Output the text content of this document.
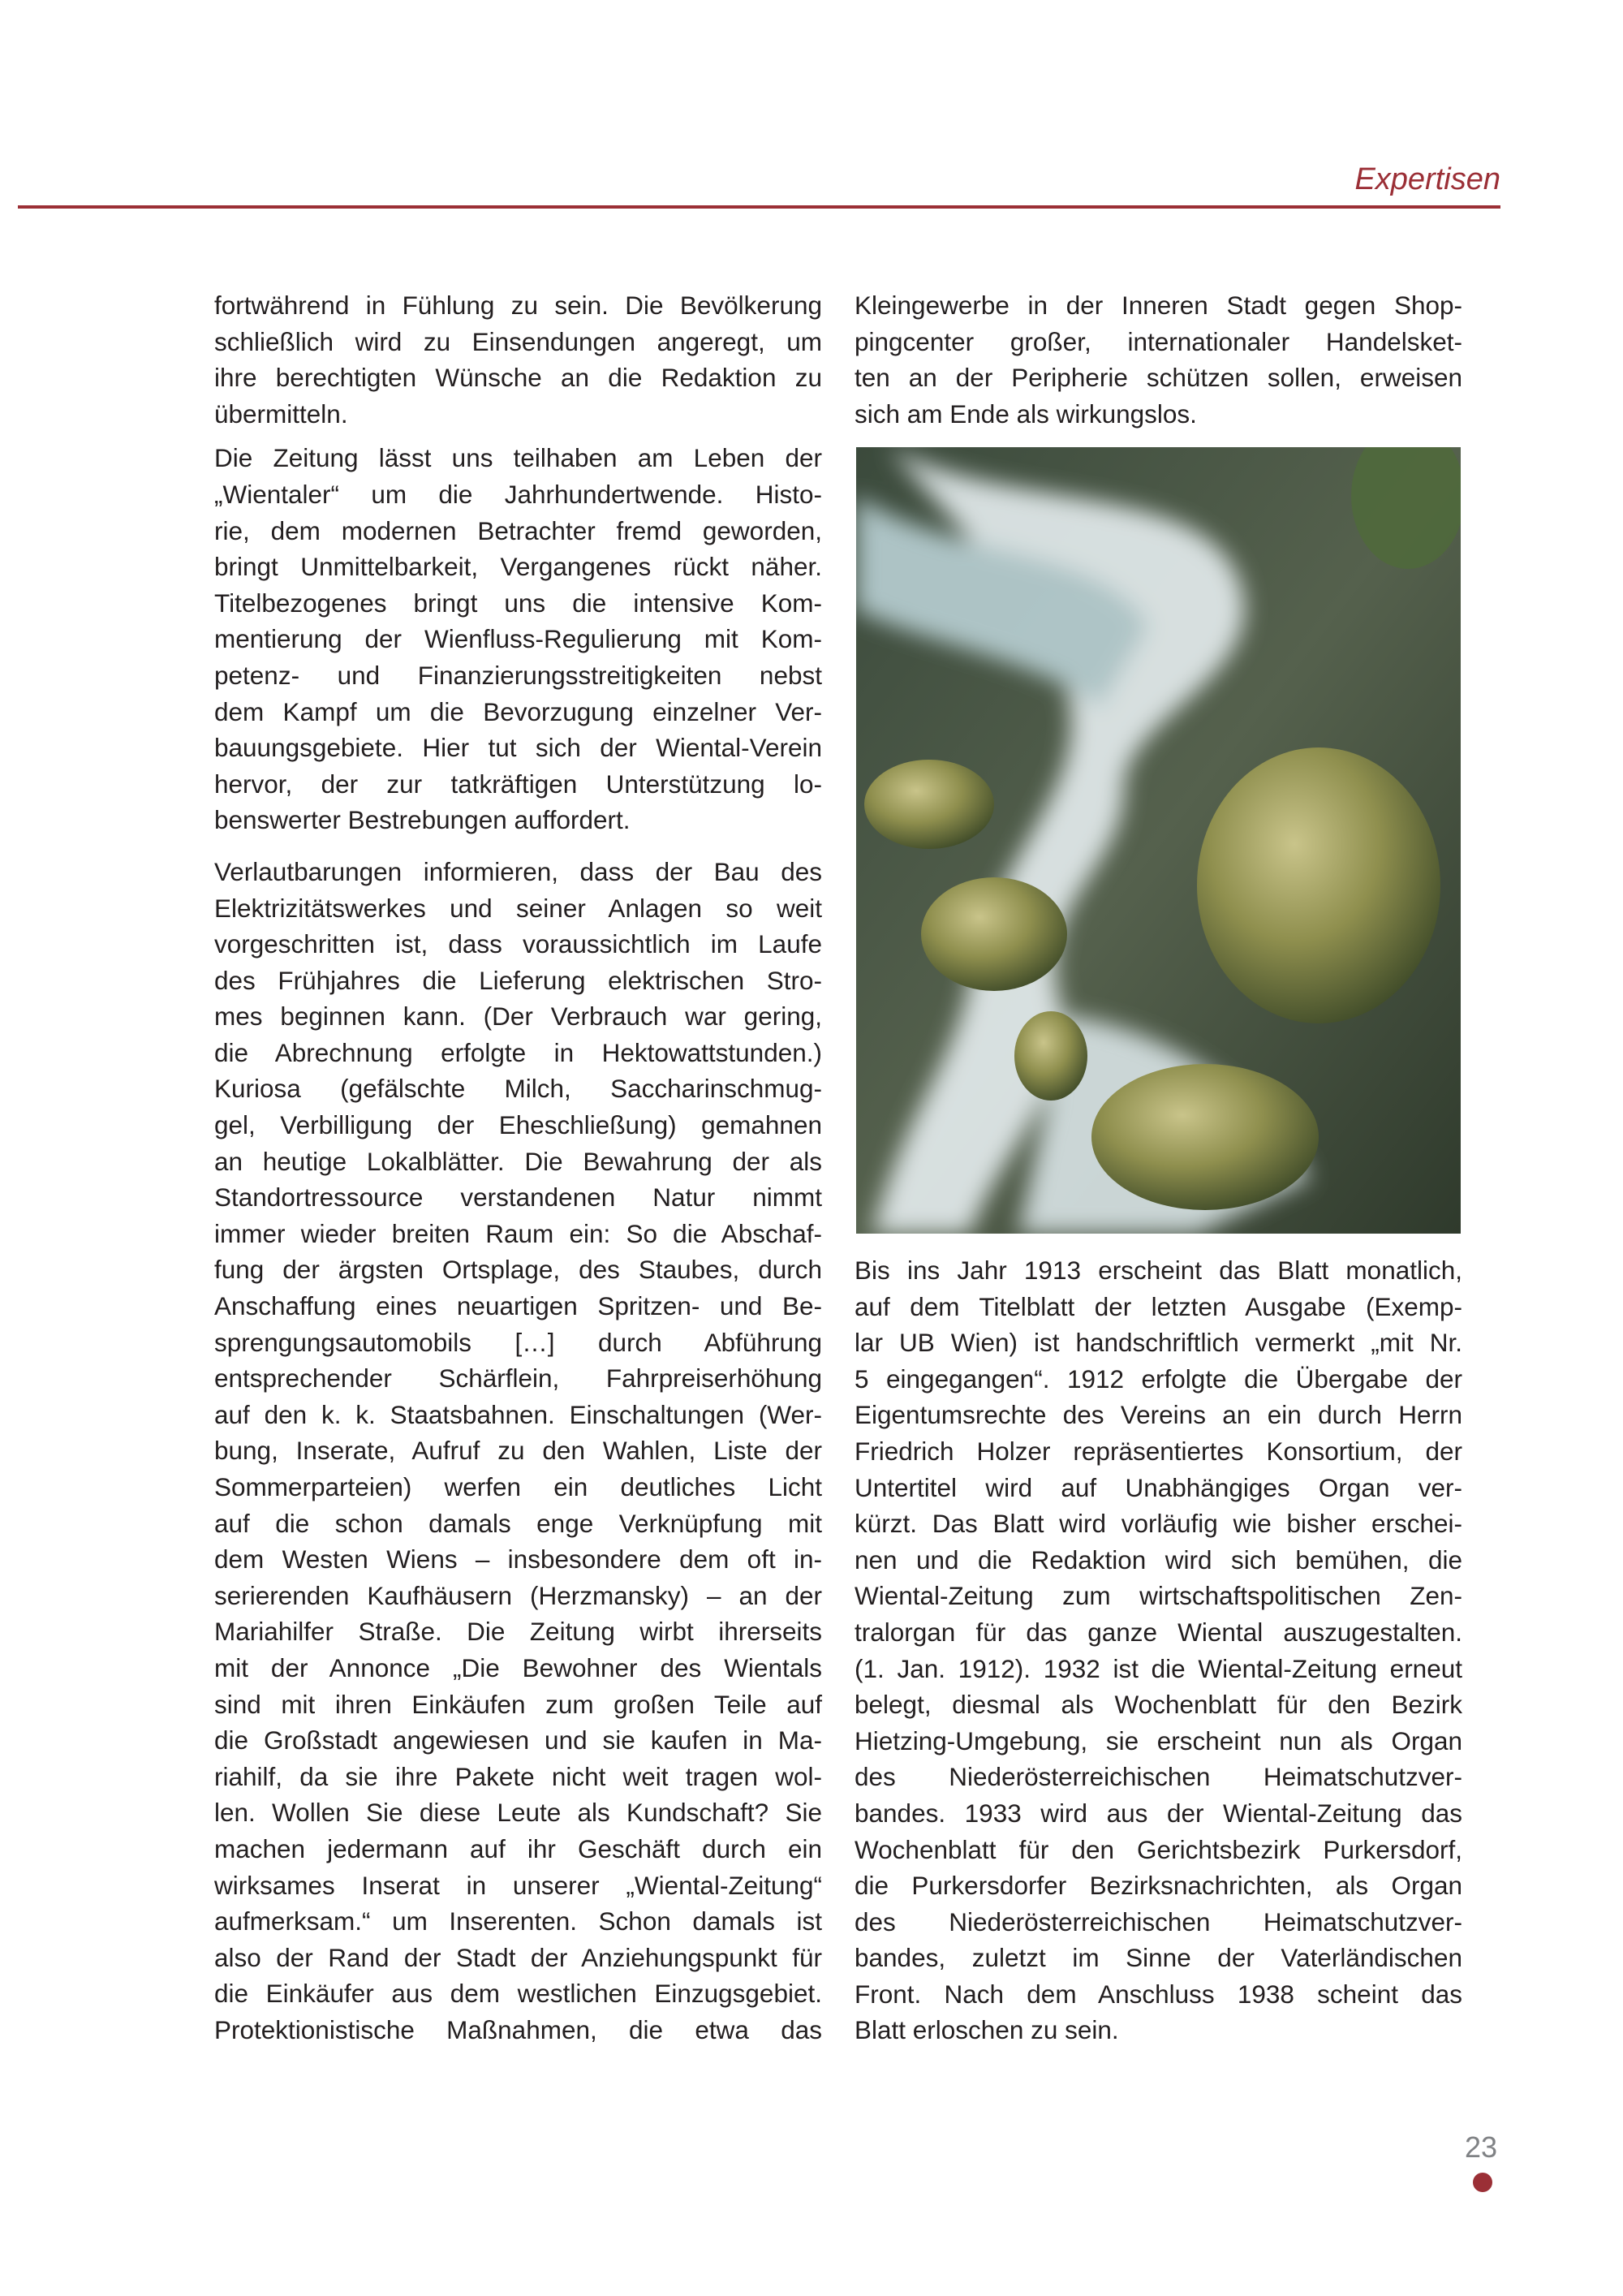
Expertisen
fortwährend in Fühlung zu sein. Die Bevölkerung
schließlich wird zu Einsendungen angeregt, um
ihre berechtigten Wünsche an die Redaktion zu
übermitteln.
Die Zeitung lässt uns teilhaben am Leben der
„Wientaler“ um die Jahrhundertwende. Histo-
rie, dem modernen Betrachter fremd geworden,
bringt Unmittelbarkeit, Vergangenes rückt näher.
Titelbezogenes bringt uns die intensive Kom-
mentierung der Wienfluss-Regulierung mit Kom-
petenz- und Finanzierungsstreitigkeiten nebst
dem Kampf um die Bevorzugung einzelner Ver-
bauungsgebiete. Hier tut sich der Wiental-Verein
hervor, der zur tatkräftigen Unterstützung lo-
benswerter Bestrebungen auffordert.
Verlautbarungen informieren, dass der Bau des
Elektrizitätswerkes und seiner Anlagen so weit
vorgeschritten ist, dass voraussichtlich im Laufe
des Frühjahres die Lieferung elektrischen Stro-
mes beginnen kann. (Der Verbrauch war gering,
die Abrechnung erfolgte in Hektowattstunden.)
Kuriosa (gefälschte Milch, Saccharinschmug-
gel, Verbilligung der Eheschließung) gemahnen
an heutige Lokalblätter. Die Bewahrung der als
Standortressource verstandenen Natur nimmt
immer wieder breiten Raum ein: So die Abschaf-
fung der ärgsten Ortsplage, des Staubes, durch
Anschaffung eines neuartigen Spritzen- und Be-
sprengungsautomobils […] durch Abführung
entsprechender Schärflein, Fahrpreiserhöhung
auf den k. k. Staatsbahnen. Einschaltungen (Wer-
bung, Inserate, Aufruf zu den Wahlen, Liste der
Sommerparteien) werfen ein deutliches Licht
auf die schon damals enge Verknüpfung mit
dem Westen Wiens – insbesondere dem oft in-
serierenden Kaufhäusern (Herzmansky) – an der
Mariahilfer Straße. Die Zeitung wirbt ihrerseits
mit der Annonce „Die Bewohner des Wientals
sind mit ihren Einkäufen zum großen Teile auf
die Großstadt angewiesen und sie kaufen in Ma-
riahilf, da sie ihre Pakete nicht weit tragen wol-
len. Wollen Sie diese Leute als Kundschaft? Sie
machen jedermann auf ihr Geschäft durch ein
wirksames Inserat in unserer „Wiental-Zeitung“
aufmerksam.“ um Inserenten. Schon damals ist
also der Rand der Stadt der Anziehungspunkt für
die Einkäufer aus dem westlichen Einzugsgebiet.
Protektionistische Maßnahmen, die etwa das
Kleingewerbe in der Inneren Stadt gegen Shop-
pingcenter großer, internationaler Handelsket-
ten an der Peripherie schützen sollen, erweisen
sich am Ende als wirkungslos.
Bis ins Jahr 1913 erscheint das Blatt monatlich,
auf dem Titelblatt der letzten Ausgabe (Exemp-
lar UB Wien) ist handschriftlich vermerkt „mit Nr.
5 eingegangen“. 1912 erfolgte die Übergabe der
Eigentumsrechte des Vereins an ein durch Herrn
Friedrich Holzer repräsentiertes Konsortium, der
Untertitel wird auf Unabhängiges Organ ver-
kürzt. Das Blatt wird vorläufig wie bisher erschei-
nen und die Redaktion wird sich bemühen, die
Wiental-Zeitung zum wirtschaftspolitischen Zen-
tralorgan für das ganze Wiental auszugestalten.
(1. Jan. 1912). 1932 ist die Wiental-Zeitung erneut
belegt, diesmal als Wochenblatt für den Bezirk
Hietzing-Umgebung, sie erscheint nun als Organ
des Niederösterreichischen Heimatschutzver-
bandes. 1933 wird aus der Wiental-Zeitung das
Wochenblatt für den Gerichtsbezirk Purkersdorf,
die Purkersdorfer Bezirksnachrichten, als Organ
des Niederösterreichischen Heimatschutzver-
bandes, zuletzt im Sinne der Vaterländischen
Front. Nach dem Anschluss 1938 scheint das
Blatt erloschen zu sein.
23
